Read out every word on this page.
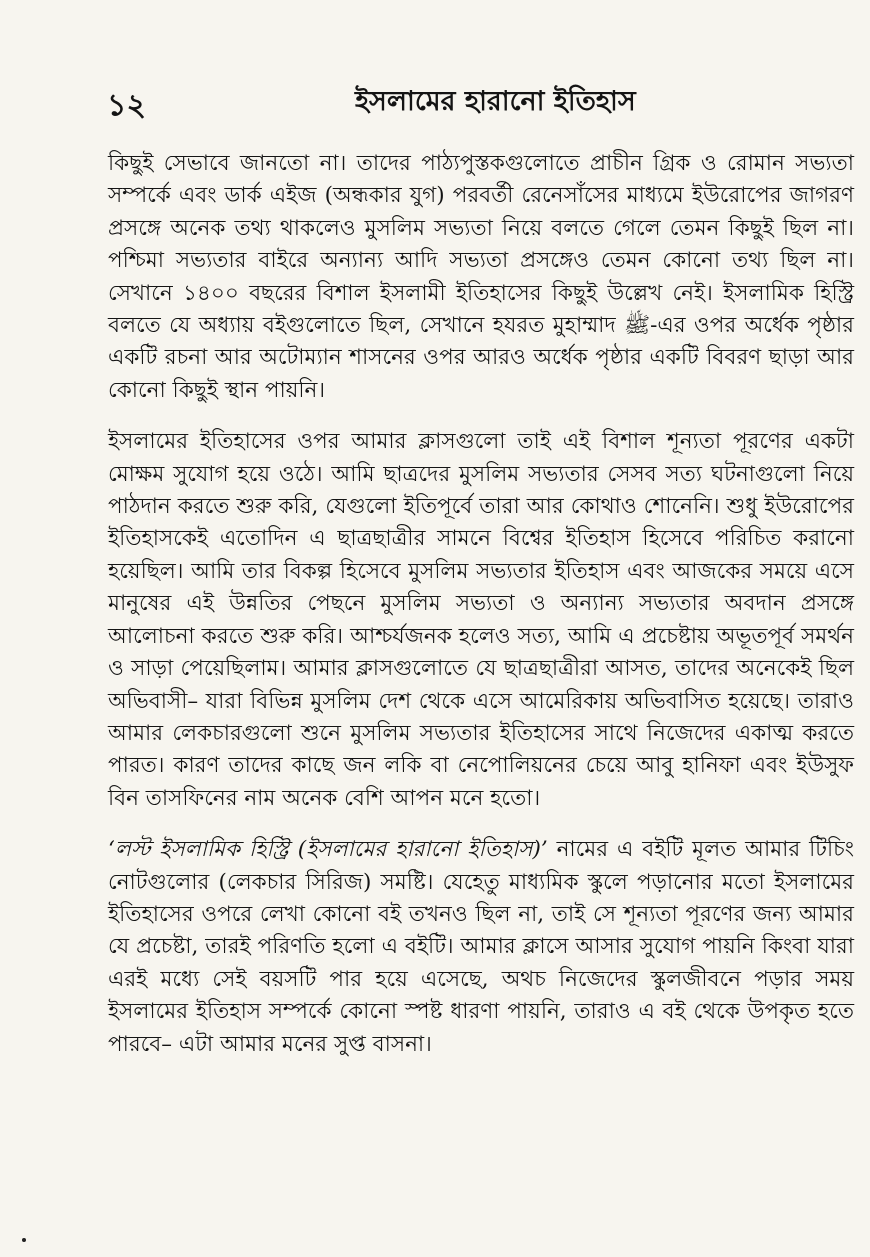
১২	ইসলামের হারানো ইতিহাস

কিছুই সেভাবে জানতো না। তাদের পাঠ্যপুস্তকগুলোতে প্রাচীন গ্রিক ও রোমান সভ্যতা সম্পর্কে এবং ডার্ক এইজ (অন্ধকার যুগ) পরবর্তী রেনেসাঁসের মাধ্যমে ইউরোপের জাগরণ প্রসঙ্গে অনেক তথ্য থাকলেও মুসলিম সভ্যতা নিয়ে বলতে গেলে তেমন কিছুই ছিল না। পশ্চিমা সভ্যতার বাইরে অন্যান্য আদি সভ্যতা প্রসঙ্গেও তেমন কোনো তথ্য ছিল না। সেখানে ১৪০০ বছরের বিশাল ইসলামী ইতিহাসের কিছুই উল্লেখ নেই। ইসলামিক হিস্ট্রি বলতে যে অধ্যায় বইগুলোতে ছিল, সেখানে হযরত মুহাম্মাদ ﷺ-এর ওপর অর্ধেক পৃষ্ঠার একটি রচনা আর অটোম্যান শাসনের ওপর আরও অর্ধেক পৃষ্ঠার একটি বিবরণ ছাড়া আর কোনো কিছুই স্থান পায়নি।

ইসলামের ইতিহাসের ওপর আমার ক্লাসগুলো তাই এই বিশাল শূন্যতা পূরণের একটা মোক্ষম সুযোগ হয়ে ওঠে। আমি ছাত্রদের মুসলিম সভ্যতার সেসব সত্য ঘটনাগুলো নিয়ে পাঠদান করতে শুরু করি, যেগুলো ইতিপূর্বে তারা আর কোথাও শোনেনি। শুধু ইউরোপের ইতিহাসকেই এতোদিন এ ছাত্রছাত্রীর সামনে বিশ্বের ইতিহাস হিসেবে পরিচিত করানো হয়েছিল। আমি তার বিকল্প হিসেবে মুসলিম সভ্যতার ইতিহাস এবং আজকের সময়ে এসে মানুষের এই উন্নতির পেছনে মুসলিম সভ্যতা ও অন্যান্য সভ্যতার অবদান প্রসঙ্গে আলোচনা করতে শুরু করি। আশ্চর্যজনক হলেও সত্য, আমি এ প্রচেষ্টায় অভূতপূর্ব সমর্থন ও সাড়া পেয়েছিলাম। আমার ক্লাসগুলোতে যে ছাত্রছাত্রীরা আসত, তাদের অনেকেই ছিল অভিবাসী– যারা বিভিন্ন মুসলিম দেশ থেকে এসে আমেরিকায় অভিবাসিত হয়েছে। তারাও আমার লেকচারগুলো শুনে মুসলিম সভ্যতার ইতিহাসের সাথে নিজেদের একাত্ম করতে পারত। কারণ তাদের কাছে জন লকি বা নেপোলিয়নের চেয়ে আবু হানিফা এবং ইউসুফ বিন তাসফিনের নাম অনেক বেশি আপন মনে হতো।

‘লস্ট ইসলামিক হিস্ট্রি (ইসলামের হারানো ইতিহাস)’ নামের এ বইটি মূলত আমার টিচিং নোটগুলোর (লেকচার সিরিজ) সমষ্টি। যেহেতু মাধ্যমিক স্কুলে পড়ানোর মতো ইসলামের ইতিহাসের ওপরে লেখা কোনো বই তখনও ছিল না, তাই সে শূন্যতা পূরণের জন্য আমার যে প্রচেষ্টা, তারই পরিণতি হলো এ বইটি। আমার ক্লাসে আসার সুযোগ পায়নি কিংবা যারা এরই মধ্যে সেই বয়সটি পার হয়ে এসেছে, অথচ নিজেদের স্কুলজীবনে পড়ার সময় ইসলামের ইতিহাস সম্পর্কে কোনো স্পষ্ট ধারণা পায়নি, তারাও এ বই থেকে উপকৃত হতে পারবে– এটা আমার মনের সুপ্ত বাসনা।
